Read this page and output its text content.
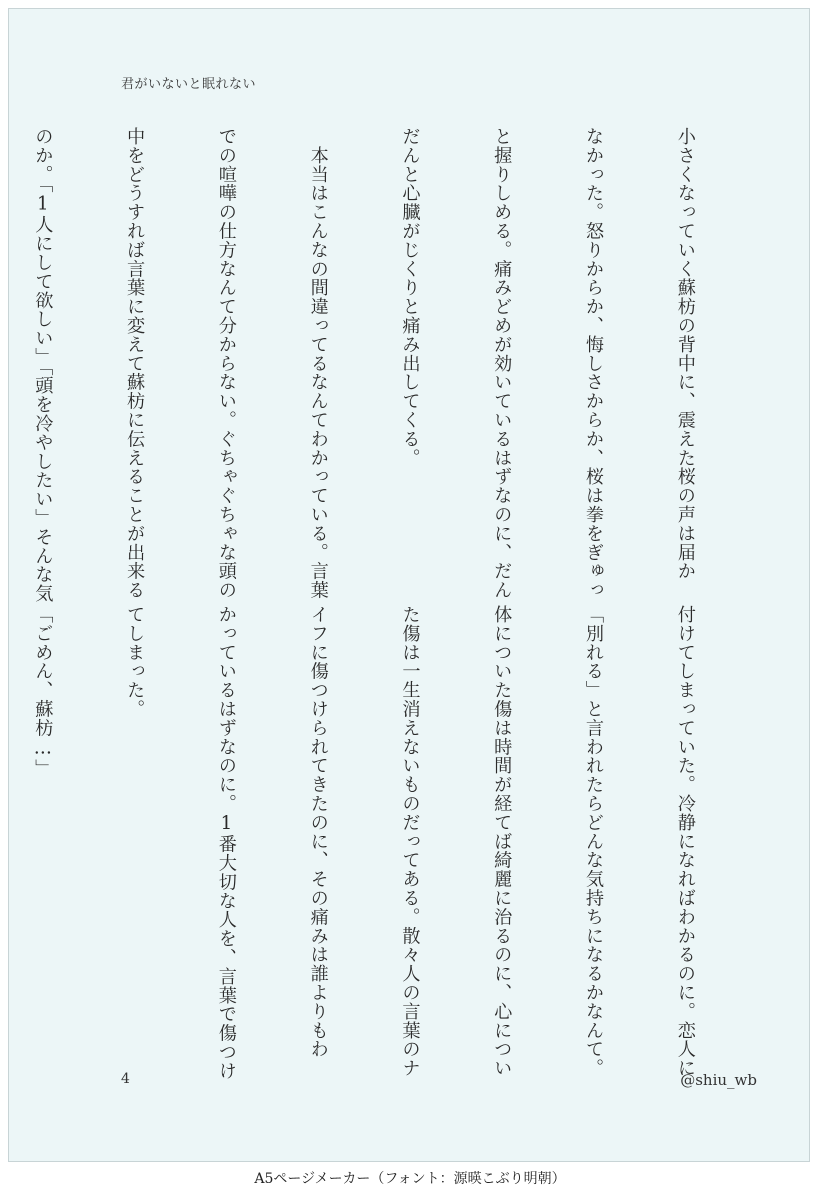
君がいないと眠れない

小さくなっていく蘇枋の背中に、震えた桜の声は届か

なかった。怒りからか、悔しさからか、桜は拳をぎゅっ

と握りしめる。痛みどめが効いているはずなのに、だん

だんと心臓がじくりと痛み出してくる。

　本当はこんなの間違ってるなんてわかっている。言葉

での喧嘩の仕方なんて分からない。ぐちゃぐちゃな頭の

中をどうすれば言葉に変えて蘇枋に伝えることが出来る

のか。「1人にして欲しい」「頭を冷やしたい」そんな気

付けてしまっていた。冷静になればわかるのに。恋人に

「別れる」と言われたらどんな気持ちになるかなんて。

体についた傷は時間が経てば綺麗に治るのに、心につい

た傷は一生消えないものだってある。散々人の言葉のナ

イフに傷つけられてきたのに、その痛みは誰よりもわ

かっているはずなのに。1番大切な人を、言葉で傷つけ

てしまった。

「ごめん、蘇枋…」

4	@shiu_wb
A5ページメーカー（フォント：源暎こぶり明朝）
